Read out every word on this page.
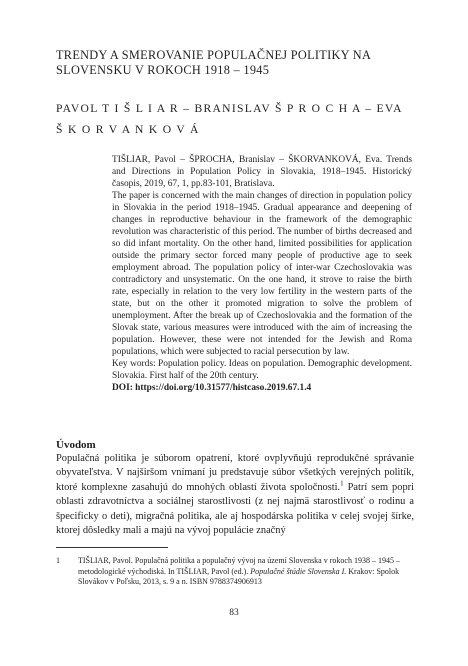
TRENDY A SMEROVANIE POPULAČNEJ POLITIKY NA SLOVENSKU V ROKOCH 1918 – 1945
PAVOL T I Š L I A R – BRANISLAV Š P R O C H A – EVA
Š K O R V A N K O V Á

TIŠLIAR, Pavol – ŠPROCHA, Branislav – ŠKORVANKOVÁ, Eva. Trends and Directions in Population Policy in Slovakia, 1918–1945. Historický časopis, 2019, 67, 1, pp.83-101, Bratislava.

The paper is concerned with the main changes of direction in population policy in Slovakia in the period 1918–1945. Gradual appearance and deepening of changes in reproductive behaviour in the framework of the demographic revolution was characteristic of this period. The number of births decreased and so did infant mortality. On the other hand, limited possibilities for application outside the primary sector forced many people of productive age to seek employment abroad. The population policy of inter-war Czechoslovakia was contradictory and unsystematic. On the one hand, it strove to raise the birth rate, especially in relation to the very low fertility in the western parts of the state, but on the other it promoted migration to solve the problem of unemployment. After the break up of Czechoslovakia and the formation of the Slovak state, various measures were introduced with the aim of increasing the population. However, these were not intended for the Jewish and Roma populations, which were subjected to racial persecution by law.

Key words: Population policy. Ideas on population. Demographic development. Slovakia. First half of the 20th century.

DOI: https://doi.org/10.31577/histcaso.2019.67.1.4

Úvodom

Populačná politika je súborom opatrení, ktoré ovplyvňujú reprodukčné správanie obyvateľstva. V najširšom vnímaní ju predstavuje súbor všetkých verejných politík, ktoré komplexne zasahujú do mnohých oblastí života spoločnosti.$^1$ Patrí sem popri oblasti zdravotníctva a sociálnej starostlivosti (z nej najmä starostlivosť o rodinu a špecificky o deti), migračná politika, ale aj hospodárska politika v celej svojej šírke, ktorej dôsledky mali a majú na vývoj populácie značný

1 TIŠLIAR, Pavol. Populačná politika a populačný vývoj na území Slovenska v rokoch 1938 – 1945 – metodologické východiská. In TIŠLIAR, Pavol (ed.). Populačné štúdie Slovenska I. Krakov: Spolok Slovákov v Poľsku, 2013, s. 9 a n. ISBN 9788374906913
83
